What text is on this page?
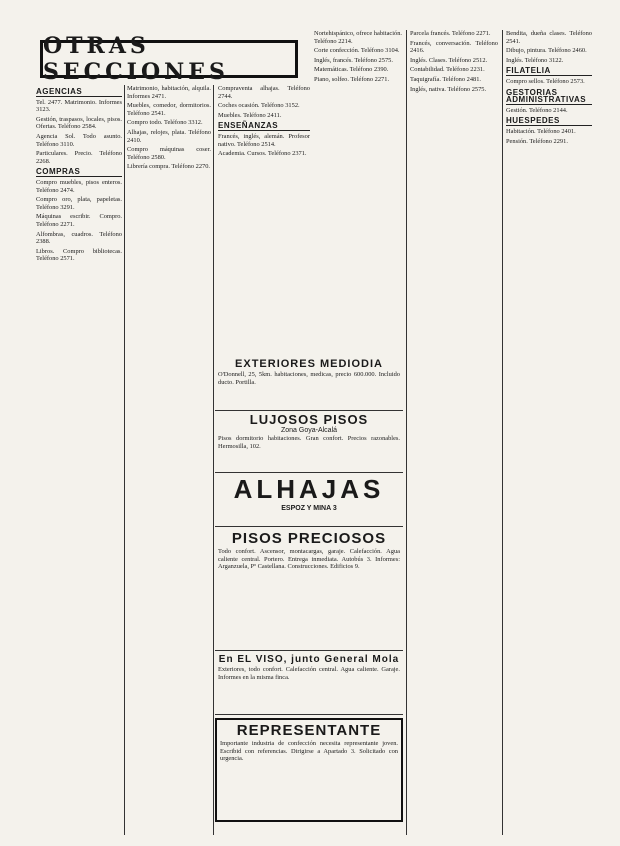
OTRAS SECCIONES
AGENCIAS

Tel. 2477. Matrimonio. Informes 3123.

Gestión, traspasos, locales, pisos. Ofertas. Teléfono 2584.

Agencia Sol. Todo asunto. Teléfono 3110.

Particulares. Precio. Teléfono 2268.

COMPRAS

Compro muebles, pisos enteros. Teléfono 2474.

Compro oro, plata, papeletas. Teléfono 3291.

Máquinas escribir. Compro. Teléfono 2271.

Alfombras, cuadros. Teléfono 2388.

Libros. Compro bibliotecas. Teléfono 2571.

Matrimonio, habitación, alquila. Informes 2471.

Muebles, comedor, dormitorios. Teléfono 2541.

Compro todo. Teléfono 3312.

Alhajas, relojes, plata. Teléfono 2410.

Compro máquinas coser. Teléfono 2580.

Librería compra. Teléfono 2270.

Compraventa alhajas. Teléfono 2744.

Coches ocasión. Teléfono 3152.

Muebles. Teléfono 2411.

ENSEÑANZAS

Francés, inglés, alemán. Profesor nativo. Teléfono 2514.

Academia. Cursos. Teléfono 2371.

Nortehispánico, ofrece habitación. Teléfono 2214.

Corte confección. Teléfono 3104.

Inglés, francés. Teléfono 2575.

Matemáticas. Teléfono 2390.

Piano, solfeo. Teléfono 2271.

EXTERIORES MEDIODIA
O'Donnell, 25, 5km. habitaciones, medicas, precio 600.000. Incluido ducto. Portilla.
LUJOSOS PISOS
Zona Goya-Alcalá
Pisos dormitorio habitaciones. Gran confort. Precios razonables. Hermosilla, 102.
ALHAJAS
ESPOZ Y MINA 3
PISOS PRECIOSOS
Todo confort. Ascensor, montacargas, garaje. Calefacción. Agua caliente central. Portero. Entrega inmediata. Autobús 3. Informes: Arganzuela, Pº Castellana. Construcciones. Edificios 9.
En EL VISO, junto General Mola
Exteriores, todo confort. Calefacción central. Agua caliente. Garaje. Informes en la misma finca.
REPRESENTANTE
Importante industria de confección necesita representante joven. Escribid con referencias. Dirigirse a Apartado 3. Solicitado con urgencia.

Parcela francés. Teléfono 2271.

Francés, conversación. Teléfono 2416.

Inglés. Clases. Teléfono 2512.

Contabilidad. Teléfono 2231.

Taquigrafía. Teléfono 2481.

Inglés, nativa. Teléfono 2575.

Bendita, dueña clases. Teléfono 2541.

Dibujo, pintura. Teléfono 2460.

Inglés. Teléfono 3122.

FILATELIA

Compro sellos. Teléfono 2573.

GESTORIAS ADMINISTRATIVAS

Gestión. Teléfono 2144.

HUESPEDES

Habitación. Teléfono 2401.

Pensión. Teléfono 2291.
